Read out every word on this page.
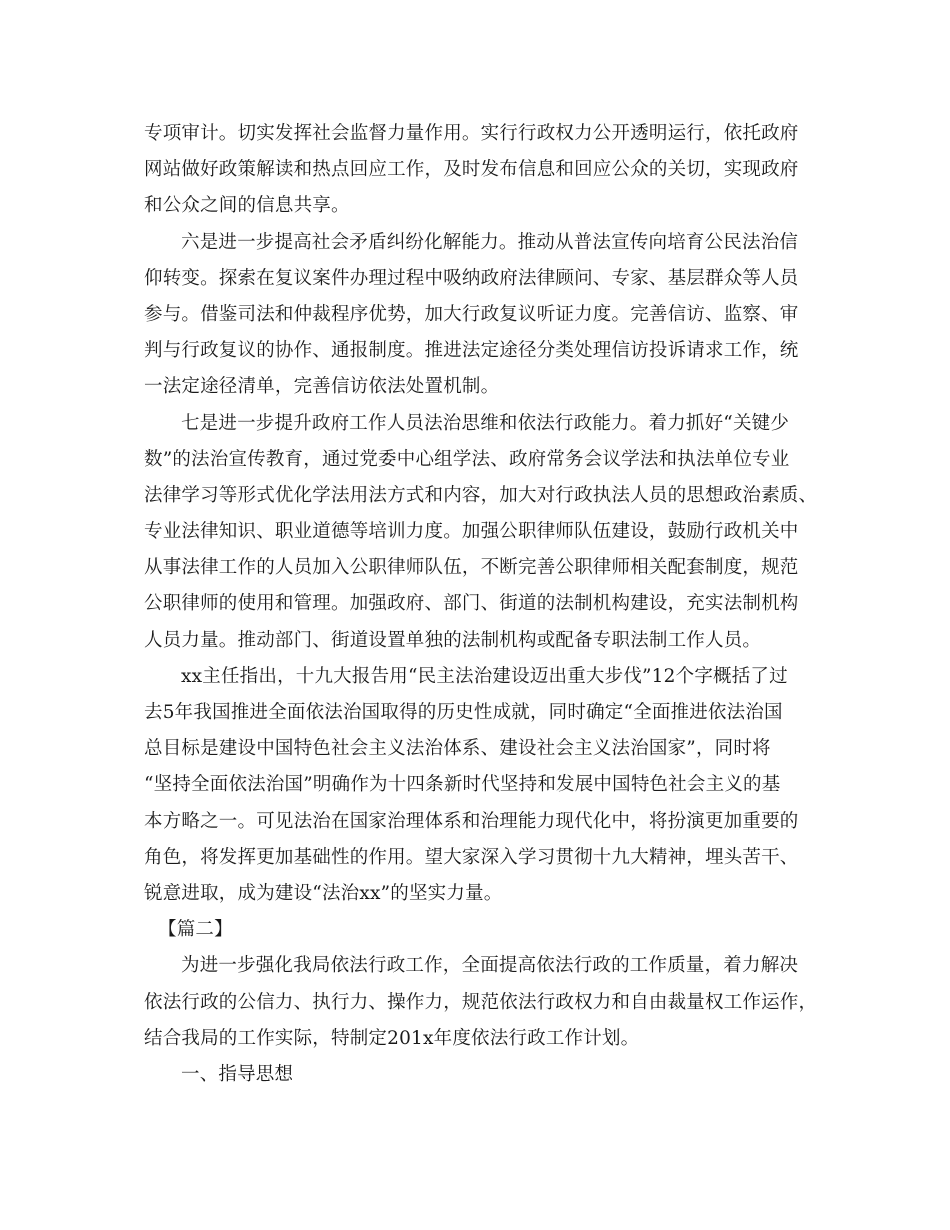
专项审计。切实发挥社会监督力量作用。实行行政权力公开透明运行，依托政府
网站做好政策解读和热点回应工作，及时发布信息和回应公众的关切，实现政府
和公众之间的信息共享。
六是进一步提高社会矛盾纠纷化解能力。推动从普法宣传向培育公民法治信
仰转变。探索在复议案件办理过程中吸纳政府法律顾问、专家、基层群众等人员
参与。借鉴司法和仲裁程序优势，加大行政复议听证力度。完善信访、监察、审
判与行政复议的协作、通报制度。推进法定途径分类处理信访投诉请求工作，统
一法定途径清单，完善信访依法处置机制。
七是进一步提升政府工作人员法治思维和依法行政能力。着力抓好“关键少
数”的法治宣传教育，通过党委中心组学法、政府常务会议学法和执法单位专业
法律学习等形式优化学法用法方式和内容，加大对行政执法人员的思想政治素质、
专业法律知识、职业道德等培训力度。加强公职律师队伍建设，鼓励行政机关中
从事法律工作的人员加入公职律师队伍，不断完善公职律师相关配套制度，规范
公职律师的使用和管理。加强政府、部门、街道的法制机构建设，充实法制机构
人员力量。推动部门、街道设置单独的法制机构或配备专职法制工作人员。
xx主任指出，十九大报告用“民主法治建设迈出重大步伐”12个字概括了过
去5年我国推进全面依法治国取得的历史性成就，同时确定“全面推进依法治国
总目标是建设中国特色社会主义法治体系、建设社会主义法治国家”，同时将
“坚持全面依法治国”明确作为十四条新时代坚持和发展中国特色社会主义的基
本方略之一。可见法治在国家治理体系和治理能力现代化中，将扮演更加重要的
角色，将发挥更加基础性的作用。望大家深入学习贯彻十九大精神，埋头苦干、
锐意进取，成为建设“法治xx”的坚实力量。
【篇二】
为进一步强化我局依法行政工作，全面提高依法行政的工作质量，着力解决
依法行政的公信力、执行力、操作力，规范依法行政权力和自由裁量权工作运作，
结合我局的工作实际，特制定201x年度依法行政工作计划。
一、指导思想
